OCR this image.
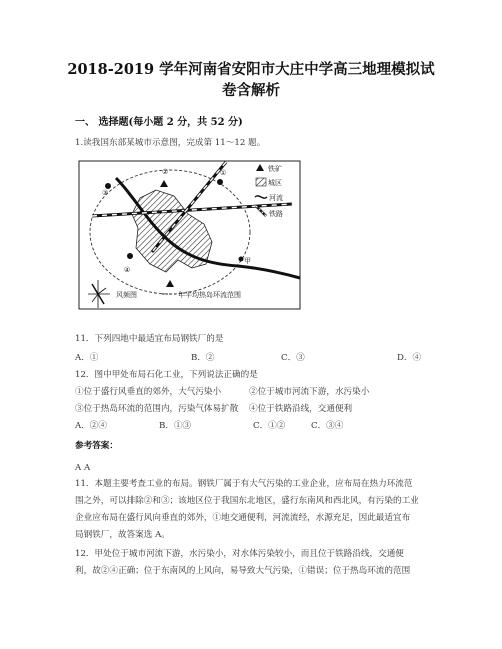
2018-2019 学年河南省安阳市大庄中学高三地理模拟试
卷含解析
一、 选择题(每小题 2 分，共 52 分)
1.读我国东部某城市示意图，完成第 11～12 题。
③
②	①
④
甲
铁矿
城区
河流
铁路
风频图	年平均热岛环流范围
11．下列四地中最适宜布局钢铁厂的是
A．①	B．②	C．③	D．④
12．图中甲处布局石化工业，下列说法正确的是
①位于盛行风垂直的郊外，大气污染小	②位于城市河流下游，水污染小
③位于热岛环流的范围内，污染气体易扩散 ④位于铁路沿线，交通便利
A．②④	B．①③	C．①②	C．③④
参考答案：
A A
11．本题主要考查工业的布局。钢铁厂属于有大气污染的工业企业，应布局在热力环流范
围之外，可以排除②和③；该地区位于我国东北地区，盛行东南风和西北风，有污染的工业
企业应布局在盛行风向垂直的郊外，①地交通便利，河流流经，水源充足，因此最适宜布
局钢铁厂，故答案选 A。
12．甲处位于城市河流下游，水污染小，对水体污染较小，而且位于铁路沿线，交通便
利，故②④正确；位于东南风的上风向，易导致大气污染，①错误；位于热岛环流的范围
